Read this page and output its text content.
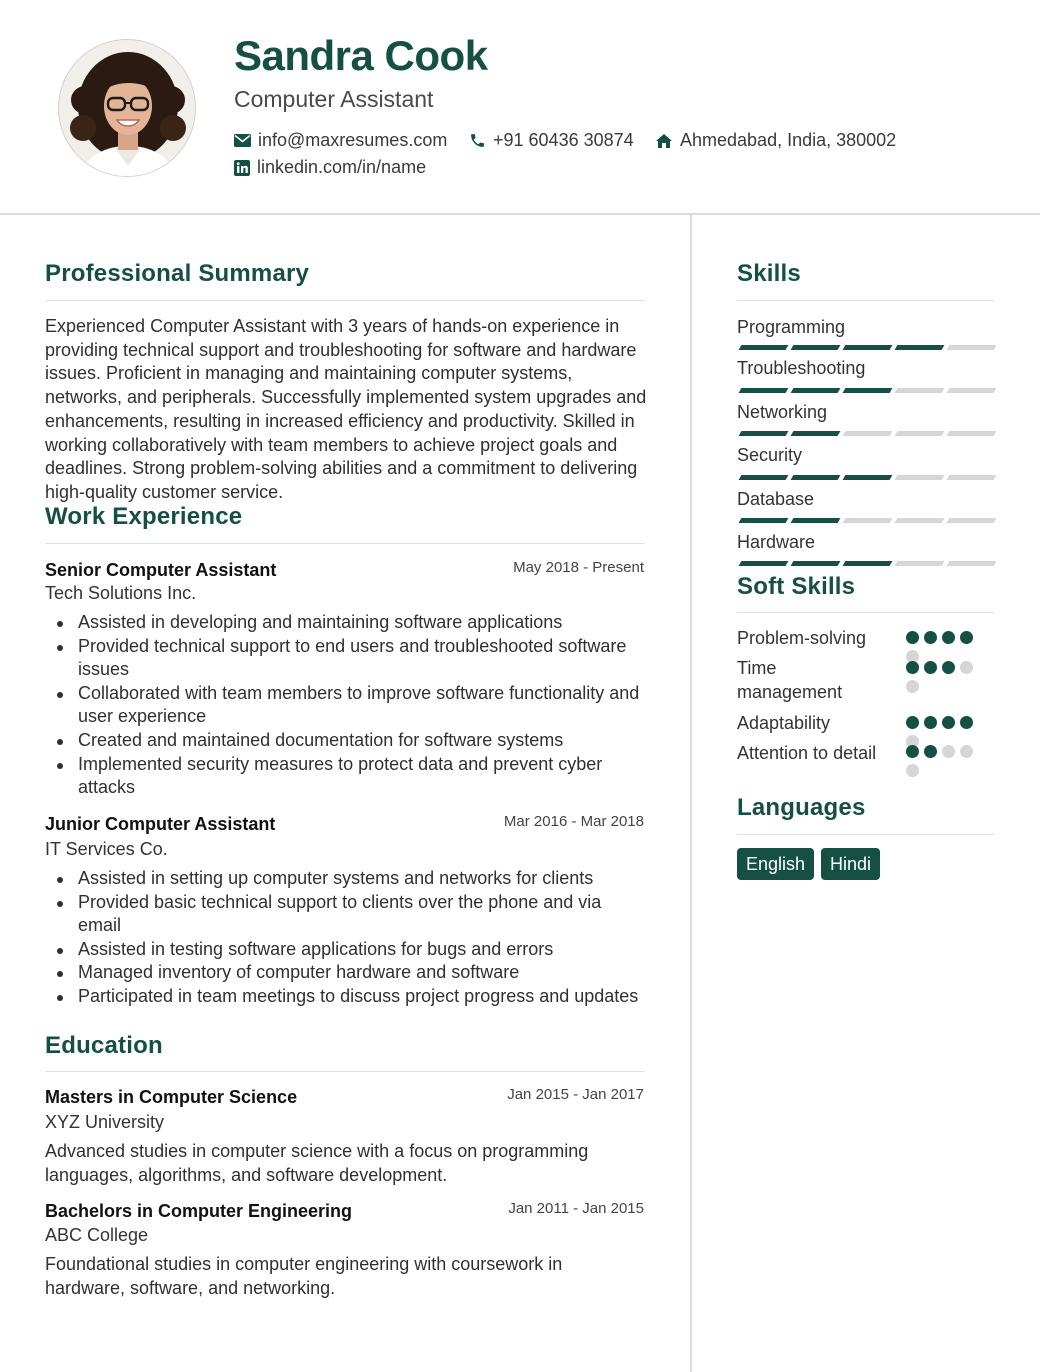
Sandra Cook
Computer Assistant
info@maxresumes.com	+91 60436 30874	Ahmedabad, India, 380002
linkedin.com/in/name
Professional Summary
Experienced Computer Assistant with 3 years of hands-on experience in providing technical support and troubleshooting for software and hardware issues. Proficient in managing and maintaining computer systems, networks, and peripherals. Successfully implemented system upgrades and enhancements, resulting in increased efficiency and productivity. Skilled in working collaboratively with team members to achieve project goals and deadlines. Strong problem-solving abilities and a commitment to delivering high-quality customer service.
Work Experience
Senior Computer Assistant	May 2018 - Present
Tech Solutions Inc.
Assisted in developing and maintaining software applications
Provided technical support to end users and troubleshooted software issues
Collaborated with team members to improve software functionality and user experience
Created and maintained documentation for software systems
Implemented security measures to protect data and prevent cyber attacks
Junior Computer Assistant	Mar 2016 - Mar 2018
IT Services Co.
Assisted in setting up computer systems and networks for clients
Provided basic technical support to clients over the phone and via email
Assisted in testing software applications for bugs and errors
Managed inventory of computer hardware and software
Participated in team meetings to discuss project progress and updates
Education
Masters in Computer Science	Jan 2015 - Jan 2017
XYZ University
Advanced studies in computer science with a focus on programming languages, algorithms, and software development.
Bachelors in Computer Engineering	Jan 2011 - Jan 2015
ABC College
Foundational studies in computer engineering with coursework in hardware, software, and networking.
Skills
Programming
Troubleshooting
Networking
Security
Database
Hardware
Soft Skills
Problem-solving
Time management
Adaptability
Attention to detail
Languages
English	Hindi
